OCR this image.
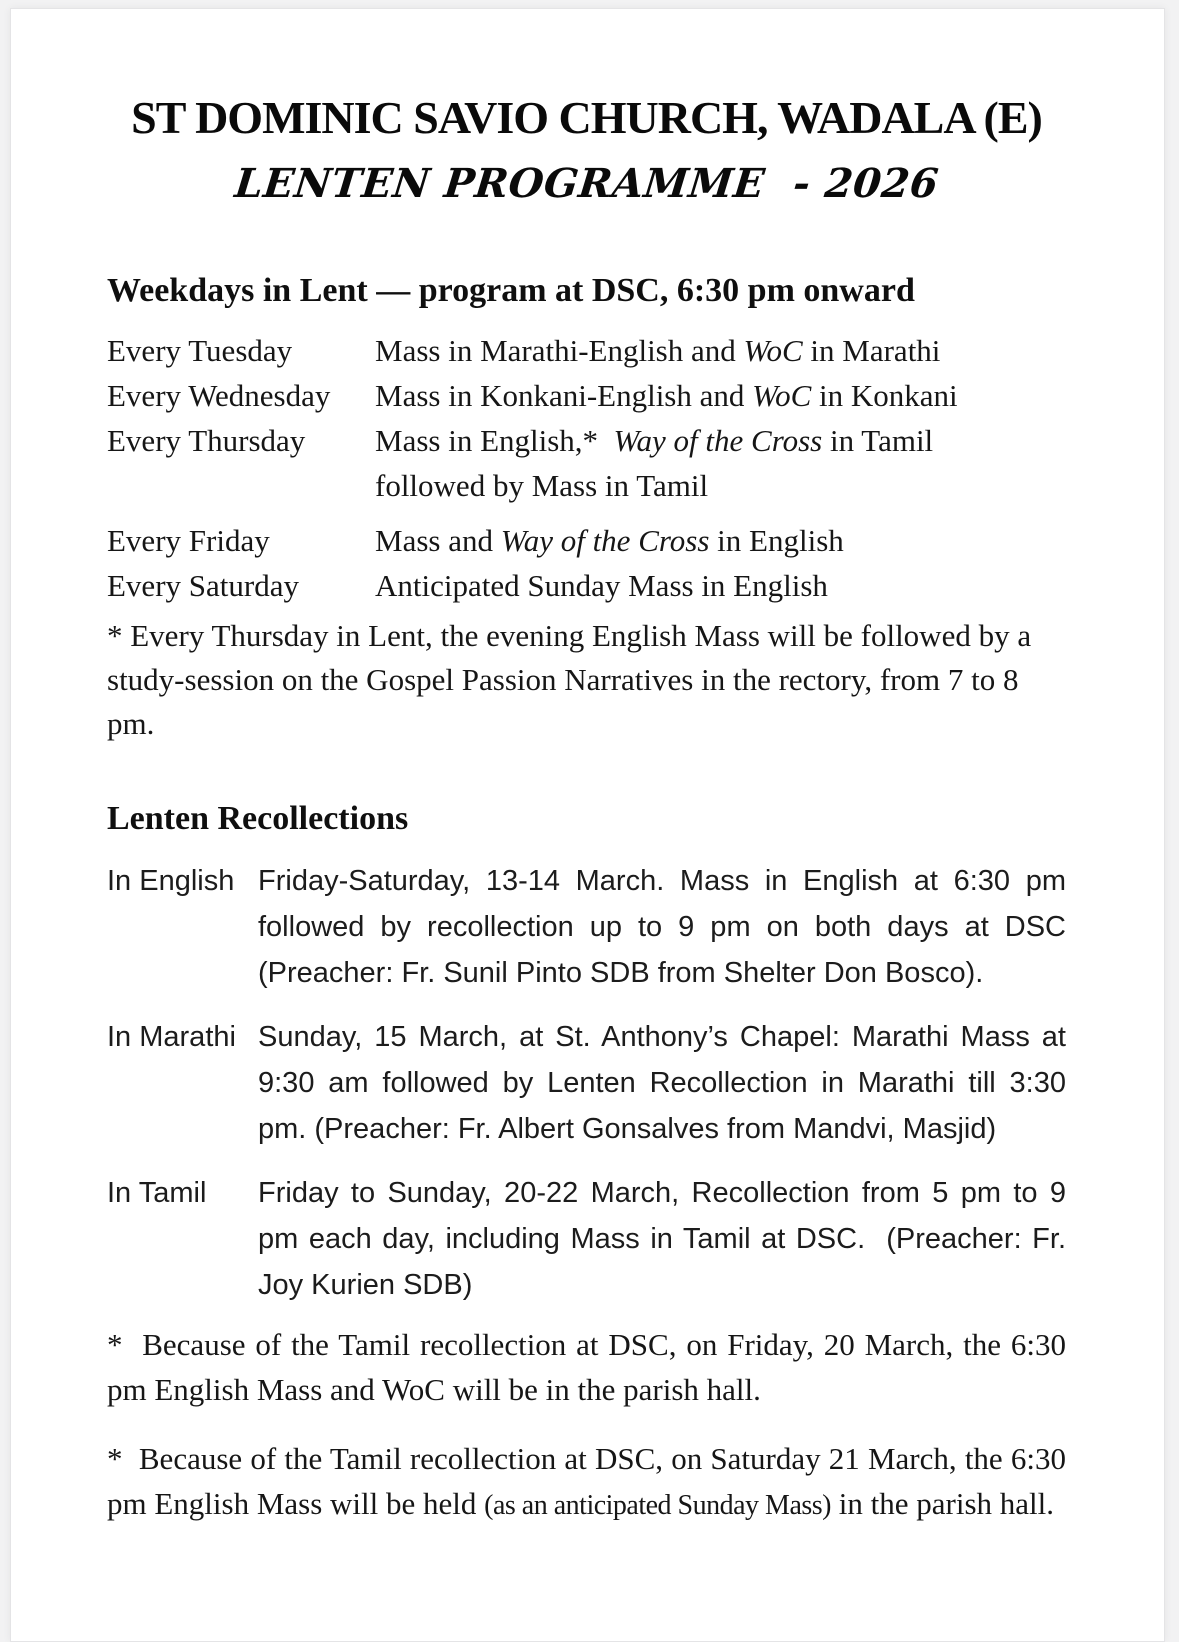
ST DOMINIC SAVIO CHURCH, WADALA (E)
LENTEN PROGRAMME  - 2026
Weekdays in Lent — program at DSC, 6:30 pm onward
Every Tuesday	Mass in Marathi-English and WoC in Marathi
Every Wednesday	Mass in Konkani-English and WoC in Konkani
Every Thursday	Mass in English,*  Way of the Cross in Tamil
followed by Mass in Tamil
Every Friday	Mass and Way of the Cross in English
Every Saturday	Anticipated Sunday Mass in English
* Every Thursday in Lent, the evening English Mass will be followed by a study-session on the Gospel Passion Narratives in the rectory, from 7 to 8 pm.
Lenten Recollections
In English Friday-Saturday, 13-14 March. Mass in English at 6:30 pm followed by recollection up to 9 pm on both days at DSC (Preacher: Fr. Sunil Pinto SDB from Shelter Don Bosco).
In Marathi Sunday, 15 March, at St. Anthony’s Chapel: Marathi Mass at 9:30 am followed by Lenten Recollection in Marathi till 3:30 pm. (Preacher: Fr. Albert Gonsalves from Mandvi, Masjid)
In Tamil	Friday to Sunday, 20-22 March, Recollection from 5 pm to 9 pm each day, including Mass in Tamil at DSC.  (Preacher: Fr. Joy Kurien SDB)
*  Because of the Tamil recollection at DSC, on Friday, 20 March, the 6:30 pm English Mass and WoC will be in the parish hall.
*  Because of the Tamil recollection at DSC, on Saturday 21 March, the 6:30 pm English Mass will be held (as an anticipated Sunday Mass) in the parish hall.
